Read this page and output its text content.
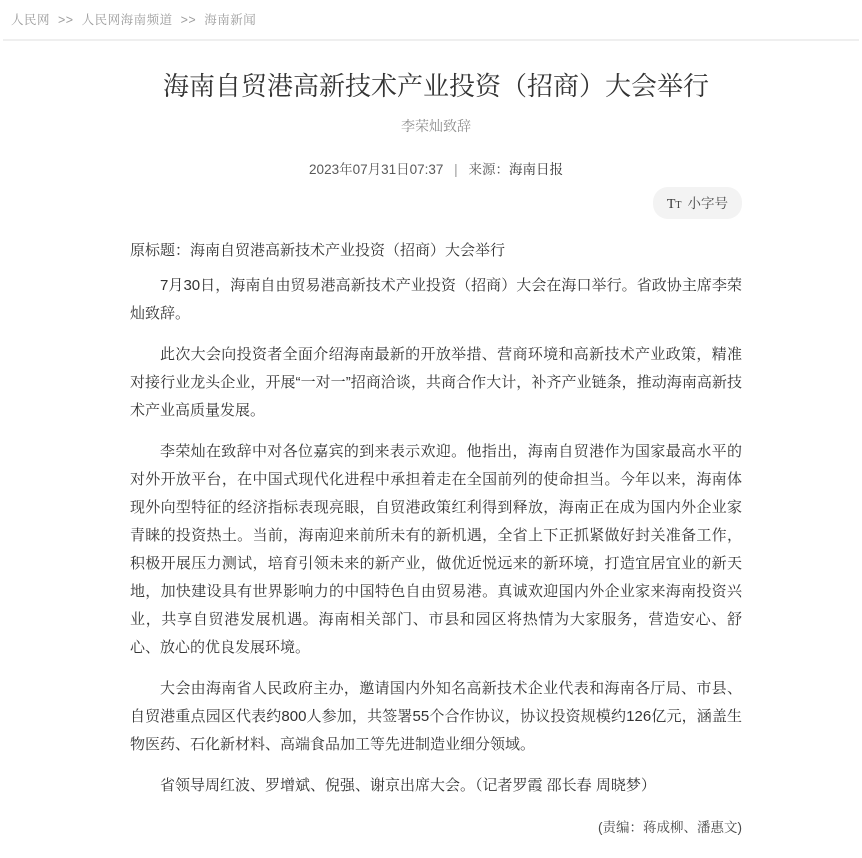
人民网 >> 人民网海南频道 >> 海南新闻
海南自贸港高新技术产业投资（招商）大会举行
李荣灿致辞
2023年07月31日07:37 | 来源：海南日报
TT 小字号
原标题：海南自贸港高新技术产业投资（招商）大会举行

7月30日，海南自由贸易港高新技术产业投资（招商）大会在海口举行。省政协主席李荣灿致辞。

此次大会向投资者全面介绍海南最新的开放举措、营商环境和高新技术产业政策，精准对接行业龙头企业，开展“一对一”招商洽谈，共商合作大计，补齐产业链条，推动海南高新技术产业高质量发展。

李荣灿在致辞中对各位嘉宾的到来表示欢迎。他指出，海南自贸港作为国家最高水平的对外开放平台，在中国式现代化进程中承担着走在全国前列的使命担当。今年以来，海南体现外向型特征的经济指标表现亮眼，自贸港政策红利得到释放，海南正在成为国内外企业家青睐的投资热土。当前，海南迎来前所未有的新机遇，全省上下正抓紧做好封关准备工作，积极开展压力测试，培育引领未来的新产业，做优近悦远来的新环境，打造宜居宜业的新天地，加快建设具有世界影响力的中国特色自由贸易港。真诚欢迎国内外企业家来海南投资兴业，共享自贸港发展机遇。海南相关部门、市县和园区将热情为大家服务，营造安心、舒心、放心的优良发展环境。

大会由海南省人民政府主办，邀请国内外知名高新技术企业代表和海南各厅局、市县、自贸港重点园区代表约800人参加，共签署55个合作协议，协议投资规模约126亿元，涵盖生物医药、石化新材料、高端食品加工等先进制造业细分领域。

省领导周红波、罗增斌、倪强、谢京出席大会。（记者罗霞 邵长春 周晓梦）

(责编：蒋成柳、潘惠文)
